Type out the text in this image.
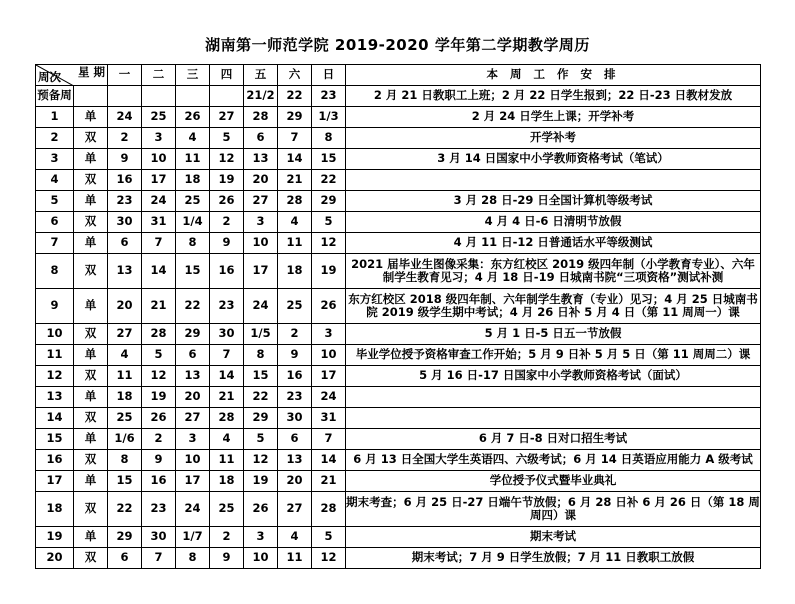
湖南第一师范学院 2019-2020 学年第二学期教学周历
星 期
周次		一	二	三	四	五	六	日	本 周 工 作 安 排
预备周						21/2	22	23	2 月 21 日教职工上班；2 月 22 日学生报到；22 日-23 日教材发放
1	单	24	25	26	27	28	29	1/3	2 月 24 日学生上课；开学补考
2	双	2	3	4	5	6	7	8	开学补考
3	单	9	10	11	12	13	14	15	3 月 14 日国家中小学教师资格考试（笔试）
4	双	16	17	18	19	20	21	22	
5	单	23	24	25	26	27	28	29	3 月 28 日-29 日全国计算机等级考试
6	双	30	31	1/4	2	3	4	5	4 月 4 日-6 日清明节放假
7	单	6	7	8	9	10	11	12	4 月 11 日-12 日普通话水平等级测试
8	双	13	14	15	16	17	18	19	2021 届毕业生图像采集：东方红校区 2019 级四年制（小学教育专业）、六年制学生教育见习；4 月 18 日-19 日城南书院“三项资格”测试补测
9	单	20	21	22	23	24	25	26	东方红校区 2018 级四年制、六年制学生教育（专业）见习；4 月 25 日城南书院 2019 级学生期中考试；4 月 26 日补 5 月 4 日（第 11 周周一）课
10	双	27	28	29	30	1/5	2	3	5 月 1 日-5 日五一节放假
11	单	4	5	6	7	8	9	10	毕业学位授予资格审查工作开始；5 月 9 日补 5 月 5 日（第 11 周周二）课
12	双	11	12	13	14	15	16	17	5 月 16 日-17 日国家中小学教师资格考试（面试）
13	单	18	19	20	21	22	23	24	
14	双	25	26	27	28	29	30	31	
15	单	1/6	2	3	4	5	6	7	6 月 7 日-8 日对口招生考试
16	双	8	9	10	11	12	13	14	6 月 13 日全国大学生英语四、六级考试；6 月 14 日英语应用能力 A 级考试
17	单	15	16	17	18	19	20	21	学位授予仪式暨毕业典礼
18	双	22	23	24	25	26	27	28	期末考查；6 月 25 日-27 日端午节放假；6 月 28 日补 6 月 26 日（第 18 周周四）课
19	单	29	30	1/7	2	3	4	5	期末考试
20	双	6	7	8	9	10	11	12	期末考试；7 月 9 日学生放假；7 月 11 日教职工放假
